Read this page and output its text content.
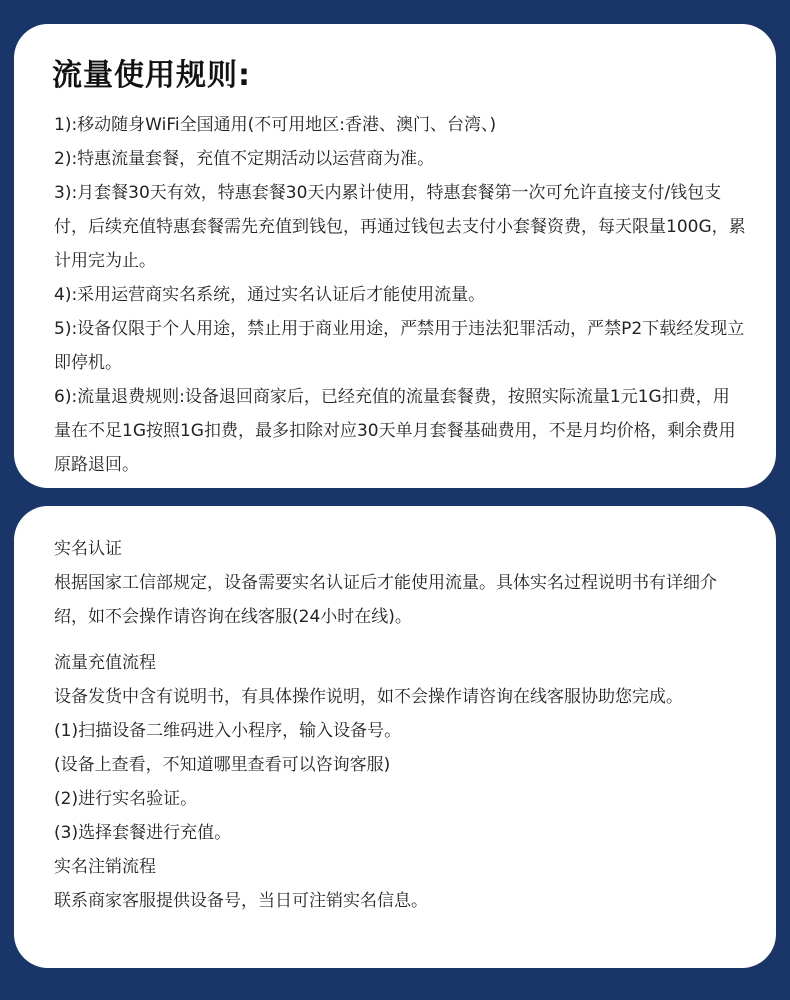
流量使用规则:

1):移动随身WiFi全国通用(不可用地区:香港、澳门、台湾、)

2):特惠流量套餐，充值不定期活动以运营商为准。

3):月套餐30天有效，特惠套餐30天内累计使用，特惠套餐第一次可允许直接支付/钱包支付，后续充值特惠套餐需先充值到钱包，再通过钱包去支付小套餐资费，每天限量100G，累计用完为止。

4):采用运营商实名系统，通过实名认证后才能使用流量。

5):设备仅限于个人用途，禁止用于商业用途，严禁用于违法犯罪活动，严禁P2下载经发现立即停机。

6):流量退费规则:设备退回商家后，已经充值的流量套餐费，按照实际流量1元1G扣费，用量在不足1G按照1G扣费，最多扣除对应30天单月套餐基础费用，不是月均价格，剩余费用原路退回。

实名认证

根据国家工信部规定，设备需要实名认证后才能使用流量。具体实名过程说明书有详细介绍，如不会操作请咨询在线客服(24小时在线)。

流量充值流程

设备发货中含有说明书，有具体操作说明，如不会操作请咨询在线客服协助您完成。

(1)扫描设备二维码进入小程序，输入设备号。

(设备上查看，不知道哪里查看可以咨询客服)

(2)进行实名验证。

(3)选择套餐进行充值。

实名注销流程

联系商家客服提供设备号，当日可注销实名信息。
